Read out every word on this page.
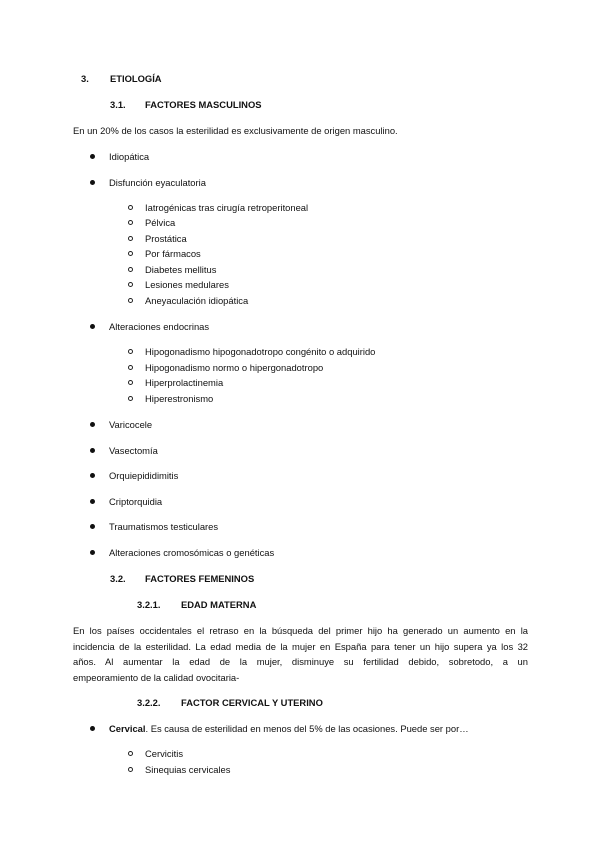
3. ETIOLOGÍA
3.1. FACTORES MASCULINOS
En un 20% de los casos la esterilidad es exclusivamente de origen masculino.
Idiopática
Disfunción eyaculatoria
Iatrogénicas tras cirugía retroperitoneal
Pélvica
Prostática
Por fármacos
Diabetes mellitus
Lesiones medulares
Aneyaculación idiopática
Alteraciones endocrinas
Hipogonadismo hipogonadotropo congénito o adquirido
Hipogonadismo normo o hipergonadotropo
Hiperprolactinemia
Hiperestronismo
Varicocele
Vasectomía
Orquiepididimitis
Criptorquidia
Traumatismos testiculares
Alteraciones cromosómicas o genéticas
3.2. FACTORES FEMENINOS
3.2.1. EDAD MATERNA
En los países occidentales el retraso en la búsqueda del primer hijo ha generado un aumento en la
incidencia de la esterilidad. La edad media de la mujer en España para tener un hijo supera ya los 32
años. Al aumentar la edad de la mujer, disminuye su fertilidad debido, sobretodo, a un
empeoramiento de la calidad ovocitaria-
3.2.2. FACTOR CERVICAL Y UTERINO
Cervical. Es causa de esterilidad en menos del 5% de las ocasiones. Puede ser por…
Cervicitis
Sinequias cervicales
